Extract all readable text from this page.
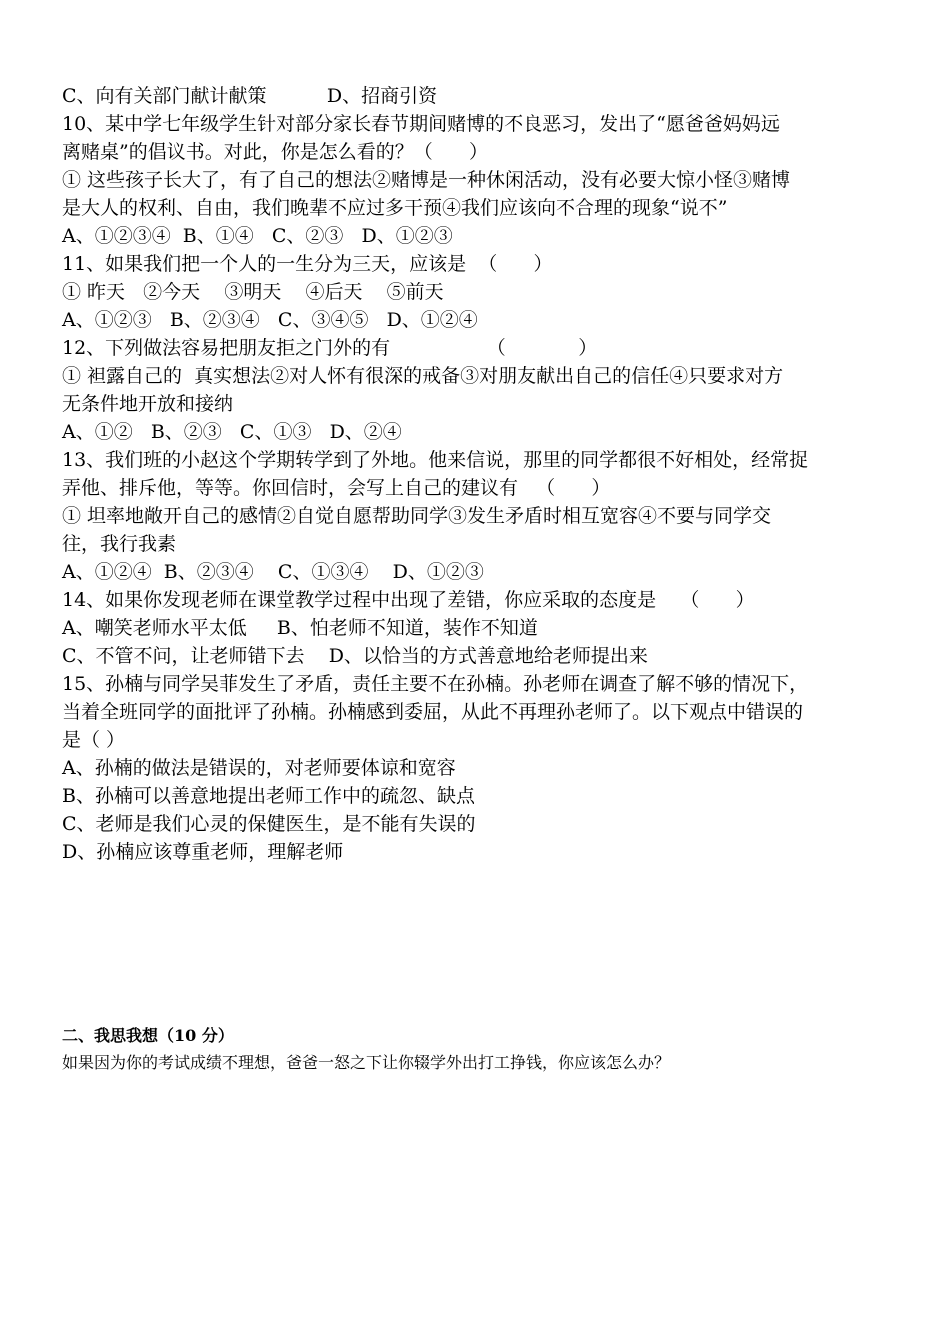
C、向有关部门献计献策          D、招商引资
10、某中学七年级学生针对部分家长春节期间赌博的不良恶习，发出了“愿爸爸妈妈远
离赌桌”的倡议书。对此，你是怎么看的？（      ）
① 这些孩子长大了，有了自己的想法②赌博是一种休闲活动，没有必要大惊小怪③赌博
是大人的权利、自由，我们晚辈不应过多干预④我们应该向不合理的现象“说不”
A、①②③④  B、①④   C、②③   D、①②③
11、如果我们把一个人的一生分为三天，应该是  （      ）
① 昨天   ②今天    ③明天    ④后天    ⑤前天
A、①②③   B、②③④   C、③④⑤   D、①②④
12、下列做法容易把朋友拒之门外的有                （            ）
① 袒露自己的  真实想法②对人怀有很深的戒备③对朋友献出自己的信任④只要求对方
无条件地开放和接纳
A、①②   B、②③   C、①③   D、②④
13、我们班的小赵这个学期转学到了外地。他来信说，那里的同学都很不好相处，经常捉
弄他、排斥他，等等。你回信时，会写上自己的建议有   （      ）
① 坦率地敞开自己的感情②自觉自愿帮助同学③发生矛盾时相互宽容④不要与同学交
往，我行我素
A、①②④  B、②③④    C、①③④    D、①②③
14、如果你发现老师在课堂教学过程中出现了差错，你应采取的态度是    （      ）
A、嘲笑老师水平太低     B、怕老师不知道，装作不知道
C、不管不问，让老师错下去    D、以恰当的方式善意地给老师提出来
15、孙楠与同学吴菲发生了矛盾，责任主要不在孙楠。孙老师在调查了解不够的情况下，
当着全班同学的面批评了孙楠。孙楠感到委屈，从此不再理孙老师了。以下观点中错误的
是（ ）
A、孙楠的做法是错误的，对老师要体谅和宽容
B、孙楠可以善意地提出老师工作中的疏忽、缺点
C、老师是我们心灵的保健医生，是不能有失误的
D、孙楠应该尊重老师，理解老师
二、我思我想（10 分）
如果因为你的考试成绩不理想，爸爸一怒之下让你辍学外出打工挣钱，你应该怎么办？
